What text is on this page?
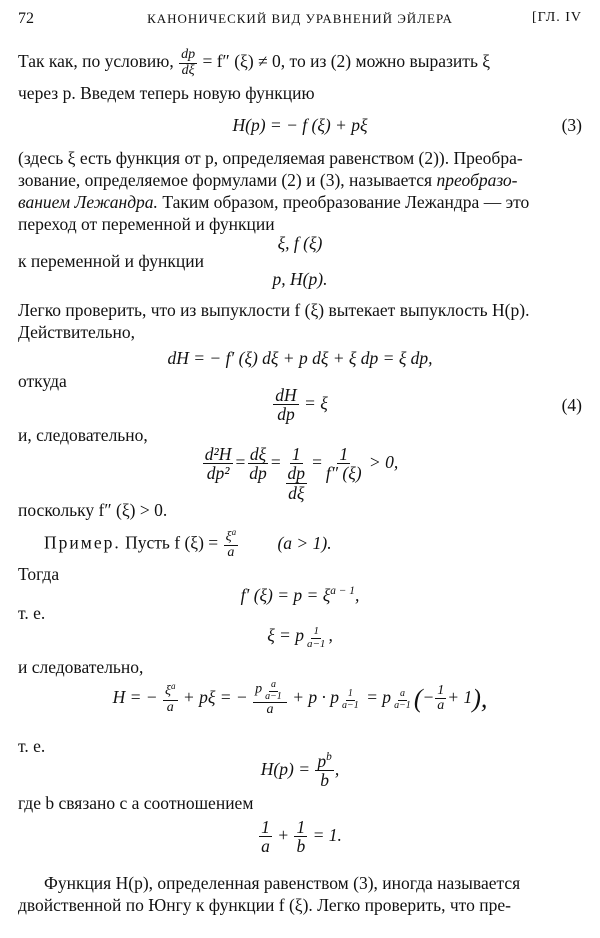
72	КАНОНИЧЕСКИЙ ВИД УРАВНЕНИЙ ЭЙЛЕРА	[ГЛ. IV
Так как, по условию, $\frac{dp}{d\xi} = f''$ (ξ) ≠ 0, то из (2) можно выразить ξ
через p. Введем теперь новую функцию
H(p) = − f (ξ) + pξ	(3)
(здесь ξ есть функция от p, определяемая равенством (2)). Преобра-
зование, определяемое формулами (2) и (3), называется преобразо-
ванием Лежандра. Таким образом, преобразование Лежандра — это
переход от переменной и функции
ξ, f (ξ)
к переменной и функции
p, H(p).
Легко проверить, что из выпуклости f (ξ) вытекает выпуклость H(p).
Действительно,
dH = − f′ (ξ) dξ + p dξ + ξ dp = ξ dp,
откуда
$\frac{dH}{dp} = \xi$	(4)
и, следовательно,
$\frac{\text{d²H}}{\text{dp²}} = \frac{d\xi}{dp} = \frac{1}{\frac{dp}{d\xi}} = \frac{1}{f'' (\xi)} > 0$,
поскольку f″ (ξ) > 0.
Пример. Пусть f $(\xi) = \frac{\xi^a}{a} (a > 1)$.
Тогда
f′ $(\xi) = p = \xi^{a - 1}$,
т. е.
ξ = p $\frac{1}{a-1}$ ,
и следовательно,
H = − $\frac{\xi^a}{a} + p\xi$ = − $\frac{p \frac{a}{a-1}}{a} + p \cdot p \frac{1}{a-1} = p \frac{a}{a-1}$ (− $\frac{1}{a} + 1$),
т. е.
$H(p) = \frac{p^b}{b}$ ,
где b связано с a соотношением
$\frac{1}{a} + \frac{1}{b} = 1$.
Функция H(p), определенная равенством (3), иногда называется
двойственной по Юнгу к функции f (ξ). Легко проверить, что пре-
